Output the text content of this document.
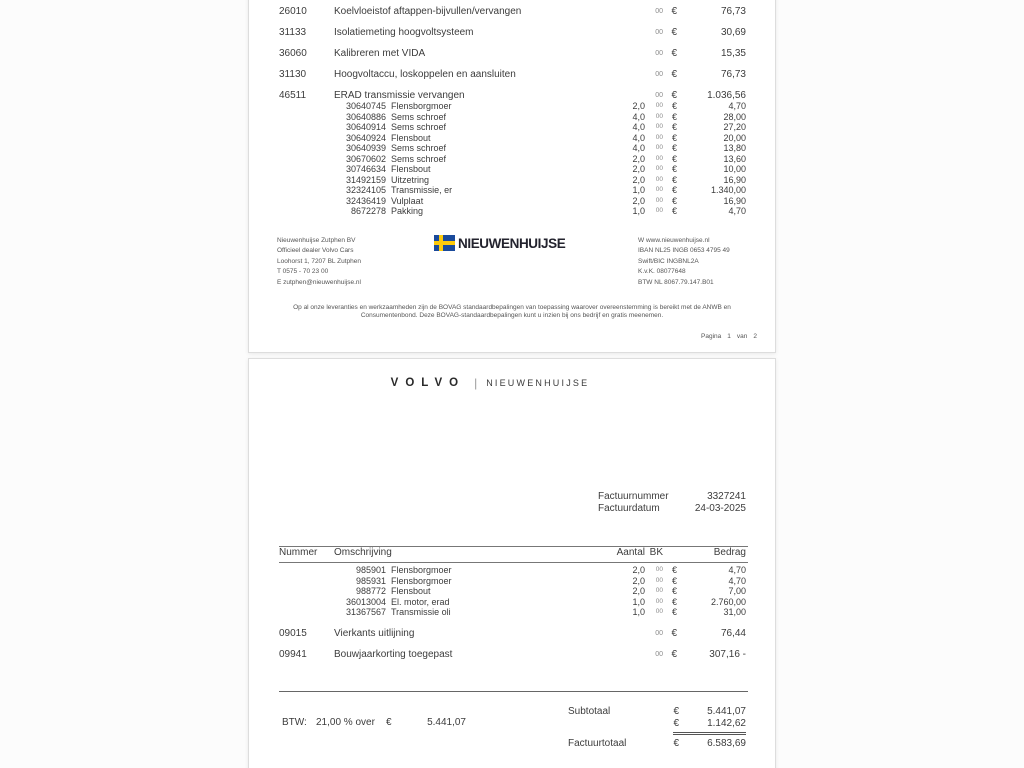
26010	Koelvloeistof aftappen-bijvullen/vervangen	00 €	76,73
31133	Isolatiemeting hoogvoltsysteem	00 €	30,69
36060	Kalibreren met VIDA	00 €	15,35
31130	Hoogvoltaccu, loskoppelen en aansluiten	00 €	76,73
46511	ERAD transmissie vervangen	00 €	1.036,56
30640745 Flensborgmoer	2,0	00 €	4,70
30640886 Sems schroef	4,0	00 €	28,00
30640914 Sems schroef	4,0	00 €	27,20
30640924 Flensbout	4,0	00 €	20,00
30640939 Sems schroef	4,0	00 €	13,80
30670602 Sems schroef	2,0	00 €	13,60
30746634 Flensbout	2,0	00 €	10,00
31492159 Uitzetring	2,0	00 €	16,90
32324105 Transmissie, er	1,0	00 €	1.340,00
32436419 Vulplaat	2,0	00 €	16,90
8672278 Pakking	1,0	00 €	4,70
Nieuwenhuijse Zutphen BV
Officieel dealer Volvo Cars
Loohorst 1, 7207 BL Zutphen
T 0575 - 70 23 00
E zutphen@nieuwenhuijse.nl
NIEUWENHUIJSE	W www.nieuwenhuijse.nl
IBAN NL25 INGB 0653 4795 49
Swift/BIC INGBNL2A
K.v.K. 08077648
BTW NL 8067.79.147.B01
Op al onze leveranties en werkzaamheden zijn de BOVAG standaardbepalingen van toepassing waarover overeenstemming is bereikt met de ANWB en
Consumentenbond. Deze BOVAG-standaardbepalingen kunt u inzien bij ons bedrijf en gratis meenemen.
Pagina 1 van 2
VOLVO | NIEUWENHUIJSE
Factuurnummer	3327241
Factuurdatum	24-03-2025
Nummer	Omschrijving	Aantal BK	Bedrag
985901 Flensborgmoer	2,0	00 €	4,70
985931 Flensborgmoer	2,0	00 €	4,70
988772 Flensbout	2,0	00 €	7,00
36013004 El. motor, erad	1,0	00 €	2.760,00
31367567 Transmissie oli	1,0	00 €	31,00
09015	Vierkants uitlijning	00 €	76,44
09941	Bouwjaarkorting toegepast	00 €	307,16 -
BTW: 21,00 % over	€	5.441,07
Subtotaal	€	5.441,07
€	1.142,62
Factuurtotaal	€	6.583,69
